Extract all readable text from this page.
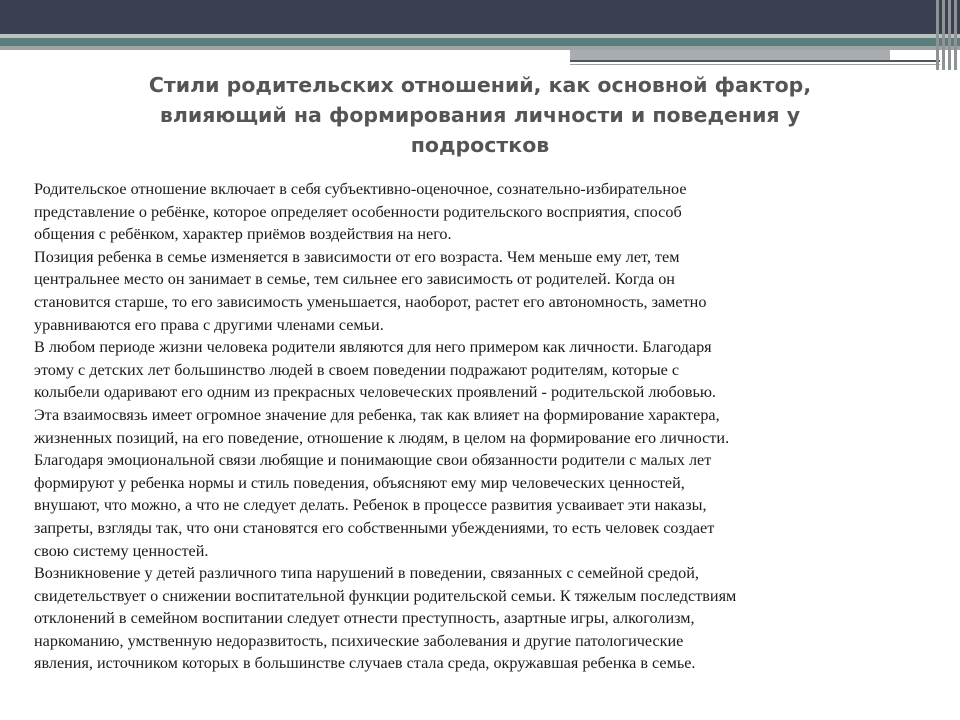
Стили родительских отношений, как основной фактор,
влияющий на формирования личности и поведения у
подростков

Родительское отношение включает в себя субъективно-оценочное, сознательно-избирательное
представление о ребёнке, которое определяет особенности родительского восприятия, способ
общения с ребёнком, характер приёмов воздействия на него.

Позиция ребенка в семье изменяется в зависимости от его возраста. Чем меньше ему лет, тем
центральнее место он занимает в семье, тем сильнее его зависимость от родителей. Когда он
становится старше, то его зависимость уменьшается, наоборот, растет его автономность, заметно
уравниваются его права с другими членами семьи.

В любом периоде жизни человека родители являются для него примером как личности. Благодаря
этому с детских лет большинство людей в своем поведении подражают родителям, которые с
колыбели одаривают его одним из прекрасных человеческих проявлений - родительской любовью.
Эта взаимосвязь имеет огромное значение для ребенка, так как влияет на формирование характера,
жизненных позиций, на его поведение, отношение к людям, в целом на формирование его личности.

Благодаря эмоциональной связи любящие и понимающие свои обязанности родители с малых лет
формируют у ребенка нормы и стиль поведения, объясняют ему мир человеческих ценностей,
внушают, что можно, а что не следует делать. Ребенок в процессе развития усваивает эти наказы,
запреты, взгляды так, что они становятся его собственными убеждениями, то есть человек создает
свою систему ценностей.

Возникновение у детей различного типа нарушений в поведении, связанных с семейной средой,
свидетельствует о снижении воспитательной функции родительской семьи. К тяжелым последствиям
отклонений в семейном воспитании следует отнести преступность, азартные игры, алкоголизм,
наркоманию, умственную недоразвитость, психические заболевания и другие патологические
явления, источником которых в большинстве случаев стала среда, окружавшая ребенка в семье.
